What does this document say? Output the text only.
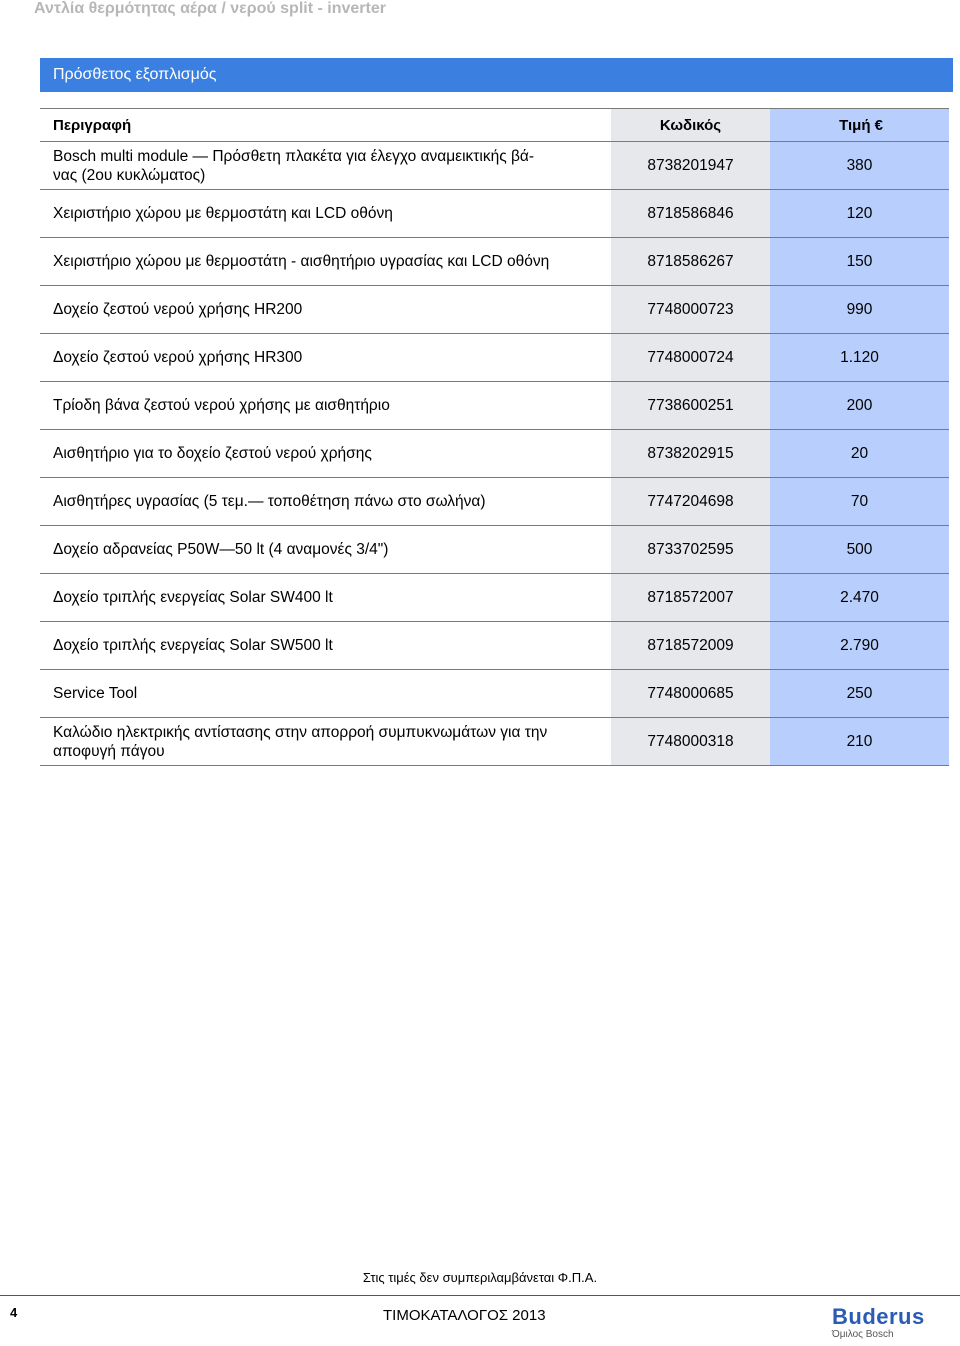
Αντλία θερμότητας αέρα / νερού split - inverter
Πρόσθετος εξοπλισμός
Περιγραφή	Κωδικός	Τιμή €
Bosch multi module — Πρόσθετη πλακέτα για έλεγχο αναμεικτικής βά-
νας (2ου κυκλώματος)	8738201947	380
Χειριστήριο χώρου με θερμοστάτη και LCD οθόνη	8718586846	120
Χειριστήριο χώρου με θερμοστάτη - αισθητήριο υγρασίας και LCD οθόνη	8718586267	150
Δοχείο ζεστού νερού χρήσης HR200	7748000723	990
Δοχείο ζεστού νερού χρήσης HR300	7748000724	1.120
Τρίοδη βάνα ζεστού νερού χρήσης με αισθητήριο	7738600251	200
Αισθητήριο για το δοχείο ζεστού νερού χρήσης	8738202915	20
Αισθητήρες υγρασίας (5 τεμ.— τοποθέτηση πάνω στο σωλήνα)	7747204698	70
Δοχείο αδρανείας P50W—50 lt (4 αναμονές 3/4")	8733702595	500
Δοχείο τριπλής ενεργείας Solar SW400 lt	8718572007	2.470
Δοχείο τριπλής ενεργείας Solar SW500 lt	8718572009	2.790
Service Tool	7748000685	250
Καλώδιο ηλεκτρικής αντίστασης στην απορροή συμπυκνωμάτων για την
αποφυγή πάγου	7748000318	210
Στις τιμές δεν συμπεριλαμβάνεται Φ.Π.Α.
4	ΤΙΜΟΚΑΤΑΛΟΓΟΣ 2013	Buderus
Όμιλος Bosch
